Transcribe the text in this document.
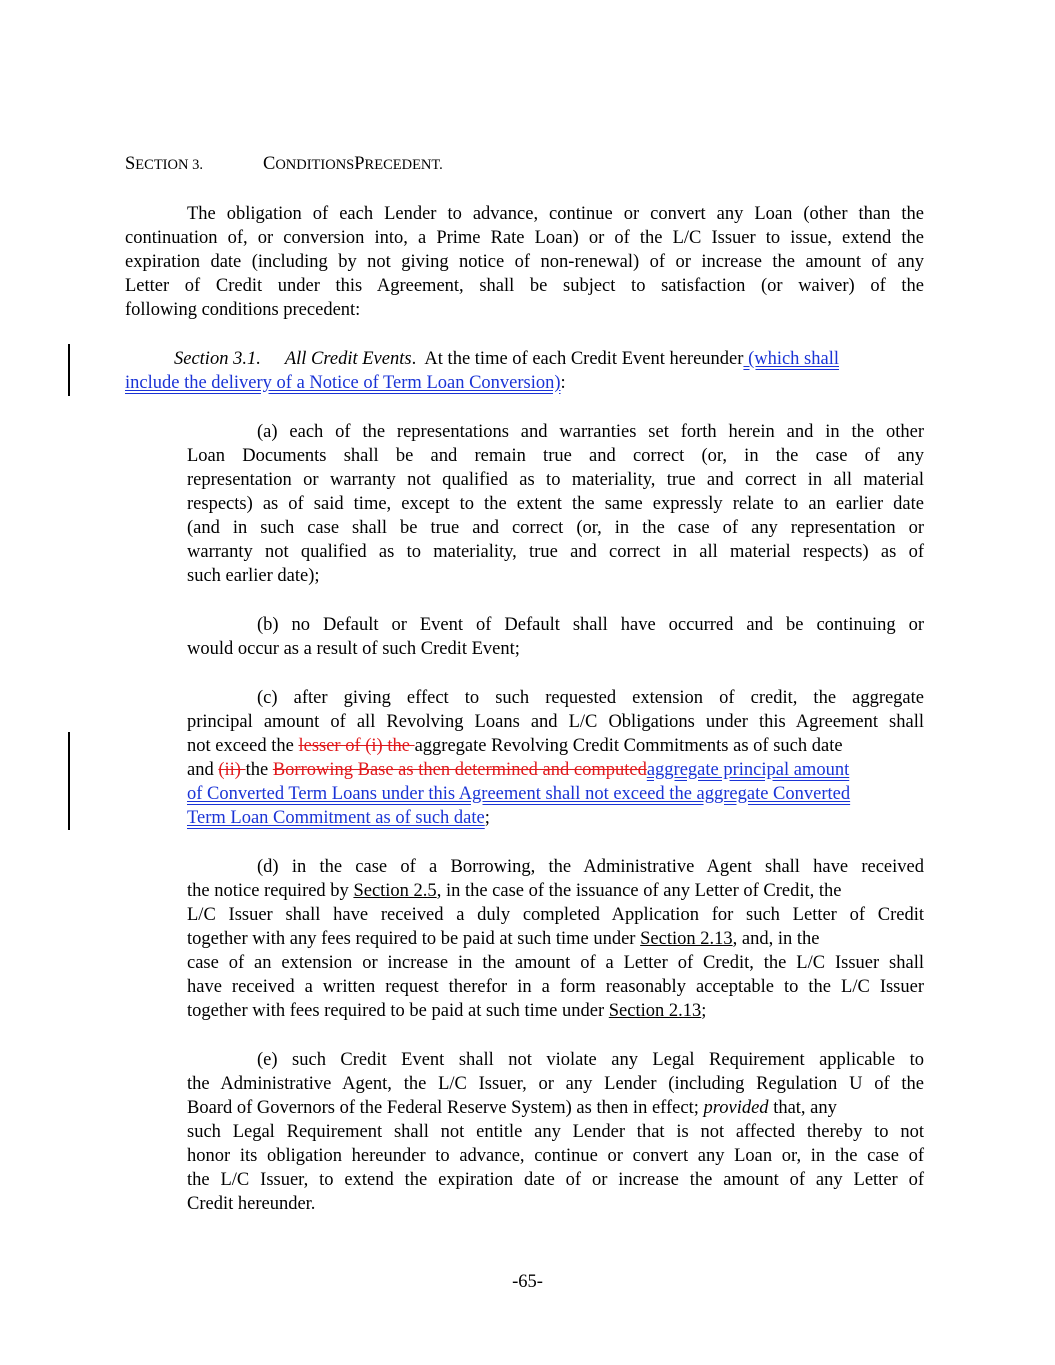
SECTION 3.	CONDITIONSPRECEDENT.
The obligation of each Lender to advance, continue or convert any Loan (other than the
continuation of, or conversion into, a Prime Rate Loan) or of the L/C Issuer to issue, extend the
expiration date (including by not giving notice of non-renewal) of or increase the amount of any
Letter of Credit under this Agreement, shall be subject to satisfaction (or waiver) of the
following conditions precedent:
Section 3.1. All Credit Events.  At the time of each Credit Event hereunder (which shall
include the delivery of a Notice of Term Loan Conversion):
(a) each of the representations and warranties set forth herein and in the other
Loan Documents shall be and remain true and correct (or, in the case of any
representation or warranty not qualified as to materiality, true and correct in all material
respects) as of said time, except to the extent the same expressly relate to an earlier date
(and in such case shall be true and correct (or, in the case of any representation or
warranty not qualified as to materiality, true and correct in all material respects) as of
such earlier date);
(b) no Default or Event of Default shall have occurred and be continuing or
would occur as a result of such Credit Event;
(c) after giving effect to such requested extension of credit, the aggregate
principal amount of all Revolving Loans and L/C Obligations under this Agreement shall
not exceed the lesser of (i) the aggregate Revolving Credit Commitments as of such date
and (ii) the Borrowing Base as then determined and computedaggregate principal amount
of Converted Term Loans under this Agreement shall not exceed the aggregate Converted
Term Loan Commitment as of such date;
(d) in the case of a Borrowing, the Administrative Agent shall have received
the notice required by Section 2.5, in the case of the issuance of any Letter of Credit, the
L/C Issuer shall have received a duly completed Application for such Letter of Credit
together with any fees required to be paid at such time under Section 2.13, and, in the
case of an extension or increase in the amount of a Letter of Credit, the L/C Issuer shall
have received a written request therefor in a form reasonably acceptable to the L/C Issuer
together with fees required to be paid at such time under Section 2.13;
(e) such Credit Event shall not violate any Legal Requirement applicable to
the Administrative Agent, the L/C Issuer, or any Lender (including Regulation U of the
Board of Governors of the Federal Reserve System) as then in effect; provided that, any
such Legal Requirement shall not entitle any Lender that is not affected thereby to not
honor its obligation hereunder to advance, continue or convert any Loan or, in the case of
the L/C Issuer, to extend the expiration date of or increase the amount of any Letter of
Credit hereunder.
-65-
